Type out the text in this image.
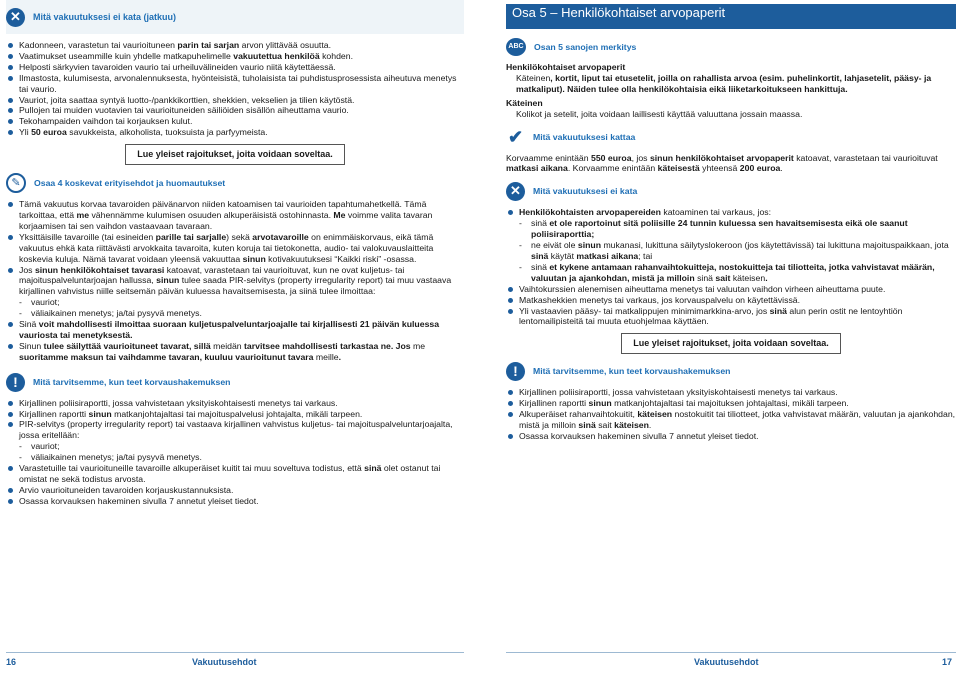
✕	Mitä vakuutuksesi ei kata (jatkuu)
Kadonneen, varastetun tai vaurioituneen parin tai sarjan arvon ylittävää osuutta.
Vaatimukset useammille kuin yhdelle matkapuhelimelle vakuutettua henkilöä kohden.
Helposti särkyvien tavaroiden vaurio tai urheiluvälineiden vaurio niitä käytettäessä.
Ilmastosta, kulumisesta, arvonalennuksesta, hyönteisistä, tuholaisista tai puhdistusprosessista aiheutuva menetys tai vaurio.
Vauriot, joita saattaa syntyä luotto-/pankkikorttien, shekkien, vekselien ja tilien käytöstä.
Pullojen tai muiden vuotavien tai vaurioituneiden säiliöiden sisällön aiheuttama vaurio.
Tekohampaiden vaihdon tai korjauksen kulut.
Yli 50 euroa savukkeista, alkoholista, tuoksuista ja parfyymeista.
Lue yleiset rajoitukset, joita voidaan soveltaa.
✎	Osaa 4 koskevat erityisehdot ja huomautukset
Tämä vakuutus korvaa tavaroiden päivänarvon niiden katoamisen tai vaurioiden tapahtumahetkellä. Tämä tarkoittaa, että me vähennämme kulumisen osuuden alkuperäisistä ostohinnasta. Me voimme valita tavaran korjaamisen tai sen vaihdon vastaavaan tavaraan.
Yksittäisille tavaroille (tai esineiden parille tai sarjalle) sekä arvotavaroille on enimmäiskorvaus, eikä tämä vakuutus ehkä kata riittävästi arvokkaita tavaroita, kuten koruja tai tietokonetta, audio- tai valokuvauslaitteita koskevia kuluja. Nämä tavarat voidaan yleensä vakuuttaa sinun kotivakuutuksesi “Kaikki riski” -osassa.
Jos sinun henkilökohtaiset tavarasi katoavat, varastetaan tai vaurioituvat, kun ne ovat kuljetus- tai majoituspalveluntarjoajan hallussa, sinun tulee saada PIR-selvitys (property irregularity report) tai muu vastaava kirjallinen vahvistus niille seitsemän päivän kuluessa havaitsemisesta, ja siinä tulee ilmoittaa:
- vauriot;
- väliaikainen menetys; ja/tai pysyvä menetys.
Sinä voit mahdollisesti ilmoittaa suoraan kuljetuspalveluntarjoajalle tai kirjallisesti 21 päivän kuluessa vauriosta tai menetyksestä.
Sinun tulee säilyttää vaurioituneet tavarat, sillä meidän tarvitsee mahdollisesti tarkastaa ne. Jos me suoritamme maksun tai vaihdamme tavaran, kuuluu vaurioitunut tavara meille.
!	Mitä tarvitsemme, kun teet korvaushakemuksen
Kirjallinen poliisiraportti, jossa vahvistetaan yksityiskohtaisesti menetys tai varkaus.
Kirjallinen raportti sinun matkanjohtajaltasi tai majoituspalvelusi johtajalta, mikäli tarpeen.
PIR-selvitys (property irregularity report) tai vastaava kirjallinen vahvistus kuljetus- tai majoituspalveluntarjoajalta, jossa eritellään:
- vauriot;
- väliaikainen menetys; ja/tai pysyvä menetys.
Varastetuille tai vaurioituneille tavaroille alkuperäiset kuitit tai muu soveltuva todistus, että sinä olet ostanut tai omistat ne sekä todistus arvosta.
Arvio vaurioituneiden tavaroiden korjauskustannuksista.
Osassa korvauksen hakeminen sivulla 7 annetut yleiset tiedot.
16	Vakuutusehdot
Osa 5 – Henkilökohtaiset arvopaperit
ABC Osan 5 sanojen merkitys

Henkilökohtaiset arvopaperit

Käteinen, kortit, liput tai etusetelit, joilla on rahallista arvoa (esim. puhelinkortit, lahjasetelit, pääsy- ja matkaliput). Näiden tulee olla henkilökohtaisia eikä liiketarkoitukseen hankittuja.

Käteinen

Kolikot ja setelit, joita voidaan laillisesti käyttää valuuttana jossain maassa.

✔ Mitä vakuutuksesi kattaa

Korvaamme enintään 550 euroa, jos sinun henkilökohtaiset arvopaperit katoavat, varastetaan tai vaurioituvat matkasi aikana. Korvaamme enintään käteisestä yhteensä 200 euroa.

✕	Mitä vakuutuksesi ei kata
Henkilökohtaisten arvopapereiden katoaminen tai varkaus, jos:
- sinä et ole raportoinut sitä poliisille 24 tunnin kuluessa sen havaitsemisesta eikä ole saanut poliisiraporttia;
- ne eivät ole sinun mukanasi, lukittuna säilytyslokeroon (jos käytettävissä) tai lukittuna majoituspaikkaan, jota sinä käytät matkasi aikana; tai
- sinä et kykene antamaan rahanvaihtokuitteja, nostokuitteja tai tiliotteita, jotka vahvistavat määrän, valuutan ja ajankohdan, mistä ja milloin sinä sait käteisen.
Vaihtokurssien alenemisen aiheuttama menetys tai valuutan vaihdon virheen aiheuttama puute.
Matkashekkien menetys tai varkaus, jos korvauspalvelu on käytettävissä.
Yli vastaavien pääsy- tai matkalippujen minimimarkkina-arvo, jos sinä alun perin ostit ne lentoyhtiön lentomailipisteitä tai muuta etuohjelmaa käyttäen.
Lue yleiset rajoitukset, joita voidaan soveltaa.
!	Mitä tarvitsemme, kun teet korvaushakemuksen
Kirjallinen poliisiraportti, jossa vahvistetaan yksityiskohtaisesti menetys tai varkaus.
Kirjallinen raportti sinun matkanjohtajaltasi tai majoituksen johtajaltasi, mikäli tarpeen.
Alkuperäiset rahanvaihtokuitit, käteisen nostokuitit tai tiliotteet, jotka vahvistavat määrän, valuutan ja ajankohdan, mistä ja milloin sinä sait käteisen.
Osassa korvauksen hakeminen sivulla 7 annetut yleiset tiedot.
Vakuutusehdot	17
